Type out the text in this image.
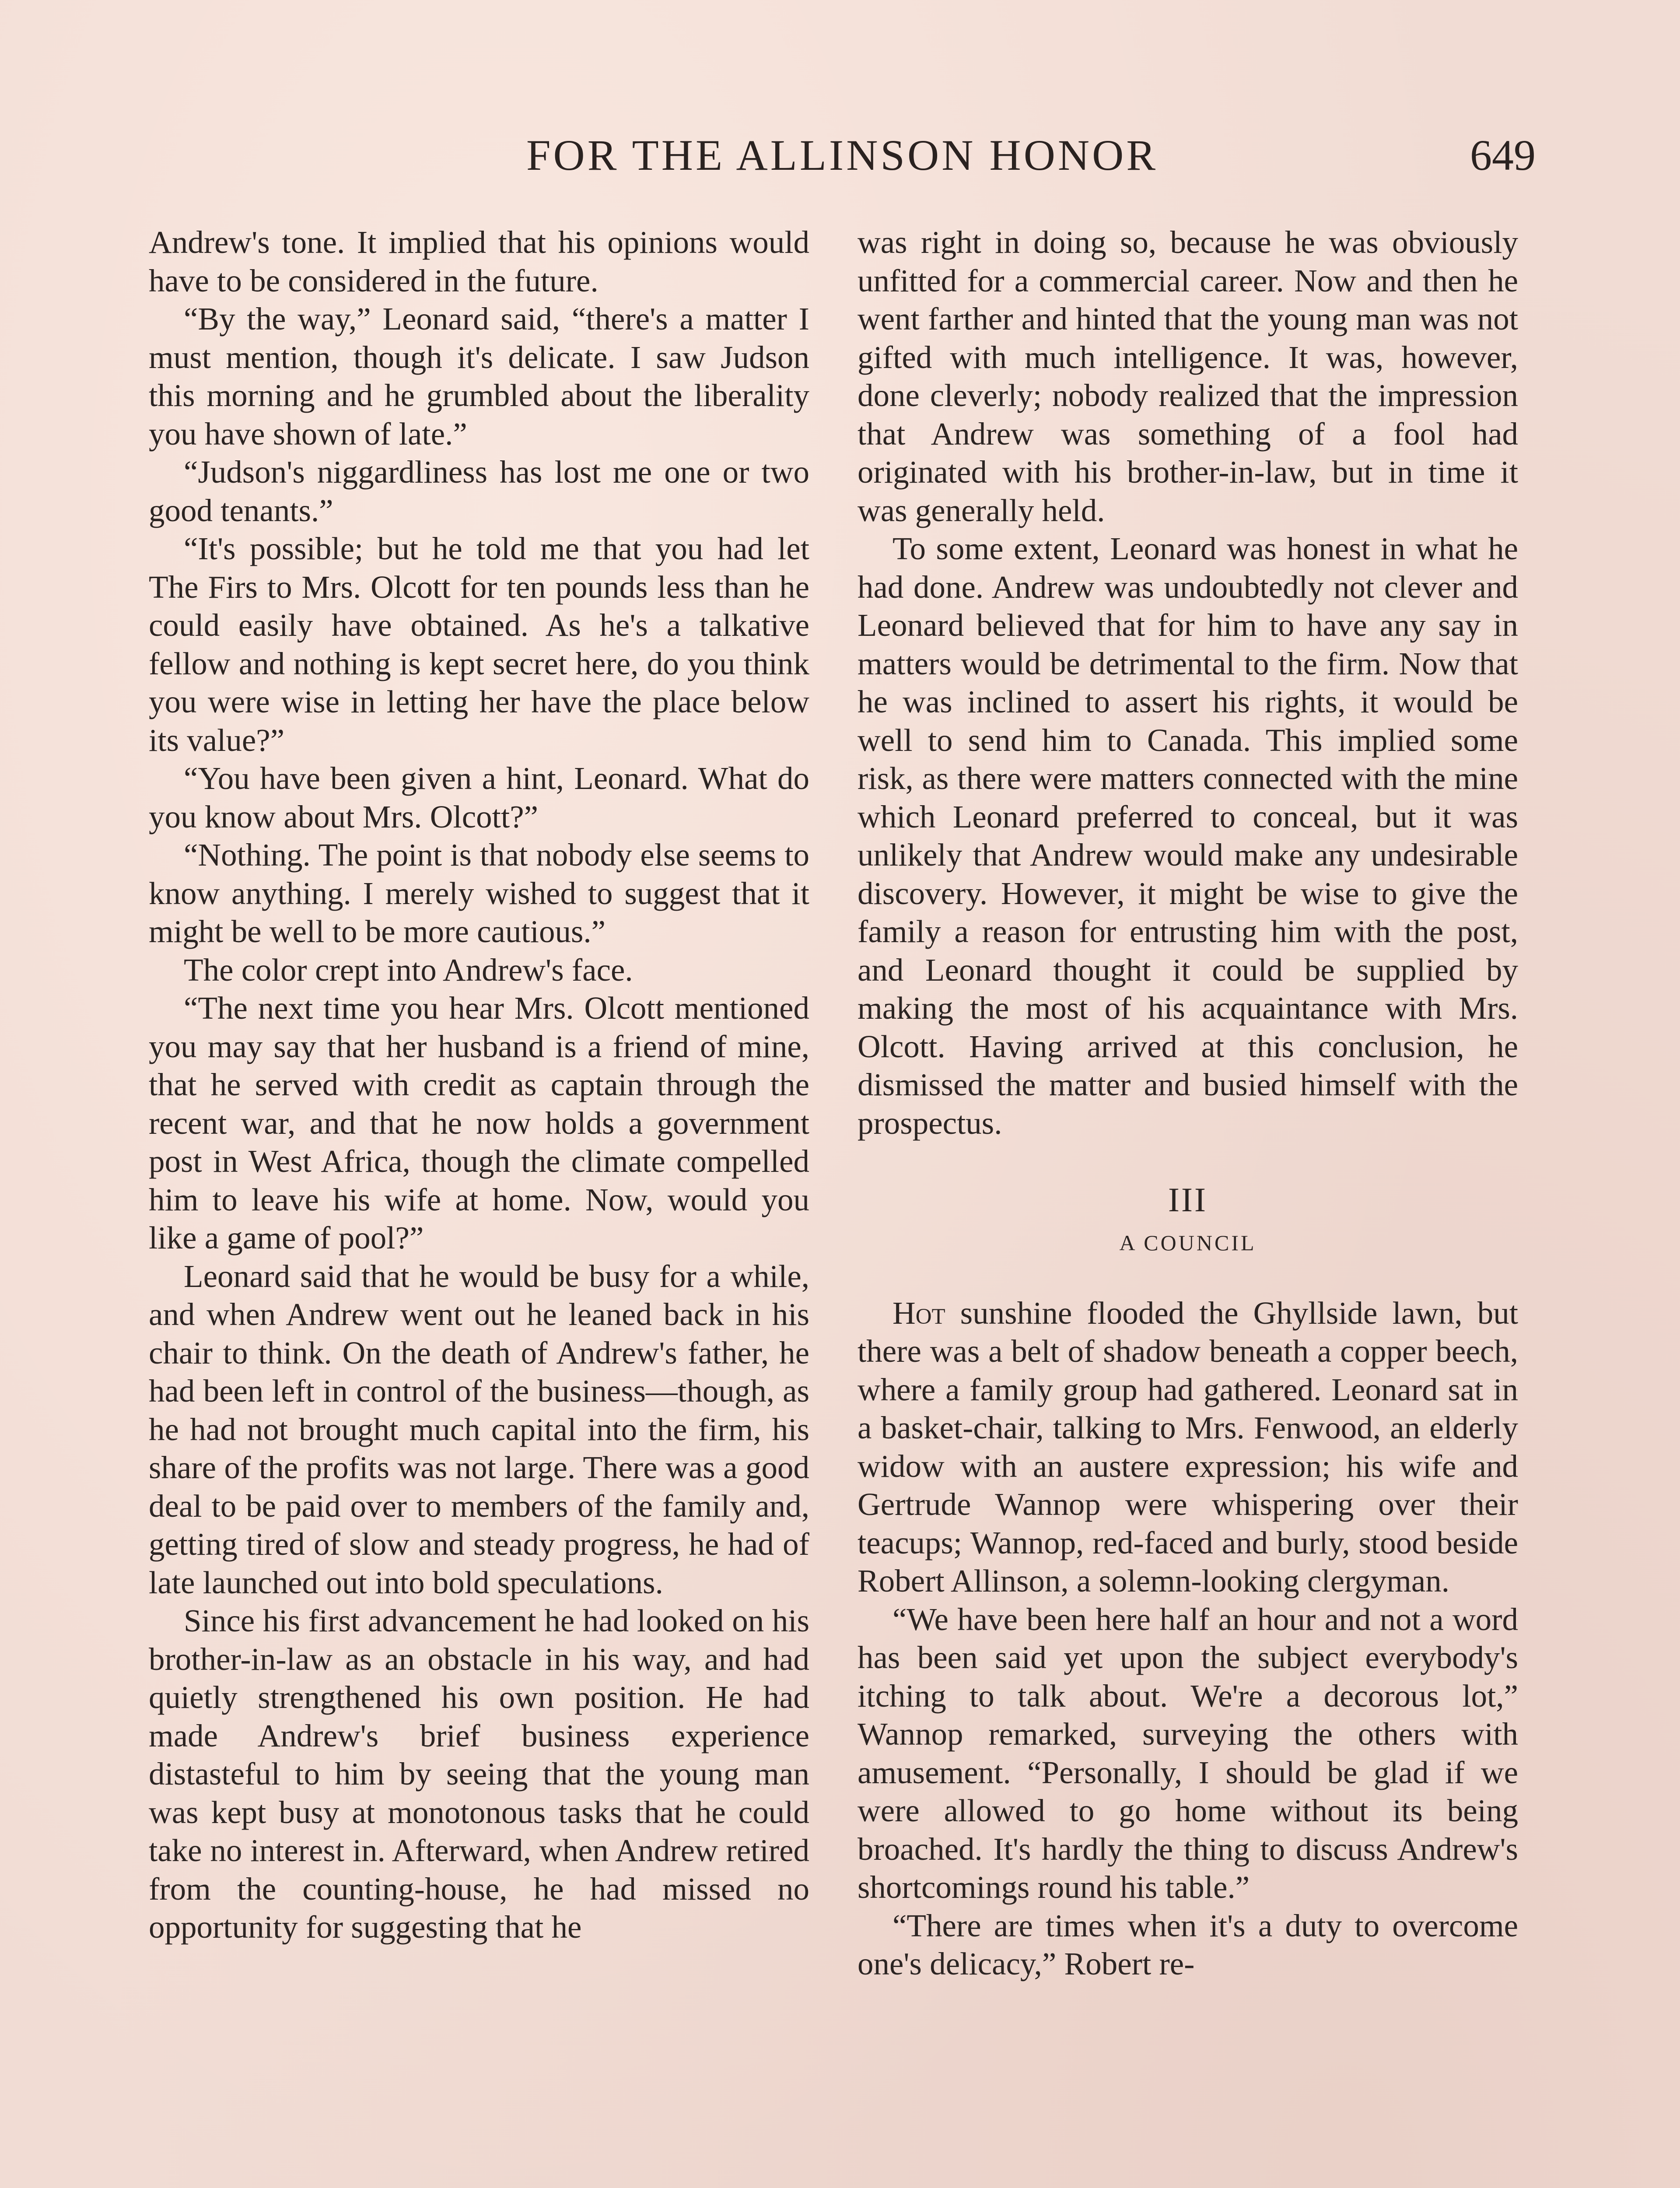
FOR THE ALLINSON HONOR	649

Andrew's tone. It implied that his opinions would have to be considered in the future.

“By the way,” Leonard said, “there's a matter I must mention, though it's delicate. I saw Judson this morning and he grumbled about the liberality you have shown of late.”

“Judson's niggardliness has lost me one or two good tenants.”

“It's possible; but he told me that you had let The Firs to Mrs. Olcott for ten pounds less than he could easily have obtained. As he's a talkative fellow and nothing is kept secret here, do you think you were wise in letting her have the place below its value?”

“You have been given a hint, Leonard. What do you know about Mrs. Olcott?”

“Nothing. The point is that nobody else seems to know anything. I merely wished to suggest that it might be well to be more cautious.”

The color crept into Andrew's face.

“The next time you hear Mrs. Olcott mentioned you may say that her husband is a friend of mine, that he served with credit as captain through the recent war, and that he now holds a government post in West Africa, though the climate compelled him to leave his wife at home. Now, would you like a game of pool?”

Leonard said that he would be busy for a while, and when Andrew went out he leaned back in his chair to think. On the death of Andrew's father, he had been left in control of the business—though, as he had not brought much capital into the firm, his share of the profits was not large. There was a good deal to be paid over to members of the family and, getting tired of slow and steady progress, he had of late launched out into bold speculations.

Since his first advancement he had looked on his brother-in-law as an obstacle in his way, and had quietly strengthened his own position. He had made Andrew's brief business experience distasteful to him by seeing that the young man was kept busy at monotonous tasks that he could take no interest in. Afterward, when Andrew retired from the counting-house, he had missed no opportunity for suggesting that he

was right in doing so, because he was obviously unfitted for a commercial career. Now and then he went farther and hinted that the young man was not gifted with much intelligence. It was, however, done cleverly; nobody realized that the impression that Andrew was something of a fool had originated with his brother-in-law, but in time it was generally held.

To some extent, Leonard was honest in what he had done. Andrew was undoubtedly not clever and Leonard believed that for him to have any say in matters would be detrimental to the firm. Now that he was inclined to assert his rights, it would be well to send him to Canada. This implied some risk, as there were matters connected with the mine which Leonard preferred to conceal, but it was unlikely that Andrew would make any undesirable discovery. However, it might be wise to give the family a reason for entrusting him with the post, and Leonard thought it could be supplied by making the most of his acquaintance with Mrs. Olcott. Having arrived at this conclusion, he dismissed the matter and busied himself with the prospectus.

III
A COUNCIL

Hot sunshine flooded the Ghyllside lawn, but there was a belt of shadow beneath a copper beech, where a family group had gathered. Leonard sat in a basket-chair, talking to Mrs. Fenwood, an elderly widow with an austere expression; his wife and Gertrude Wannop were whispering over their teacups; Wannop, red-faced and burly, stood beside Robert Allinson, a solemn-looking clergyman.

“We have been here half an hour and not a word has been said yet upon the subject everybody's itching to talk about. We're a decorous lot,” Wannop remarked, surveying the others with amusement. “Personally, I should be glad if we were allowed to go home without its being broached. It's hardly the thing to discuss Andrew's shortcomings round his table.”

“There are times when it's a duty to overcome one's delicacy,” Robert re-
